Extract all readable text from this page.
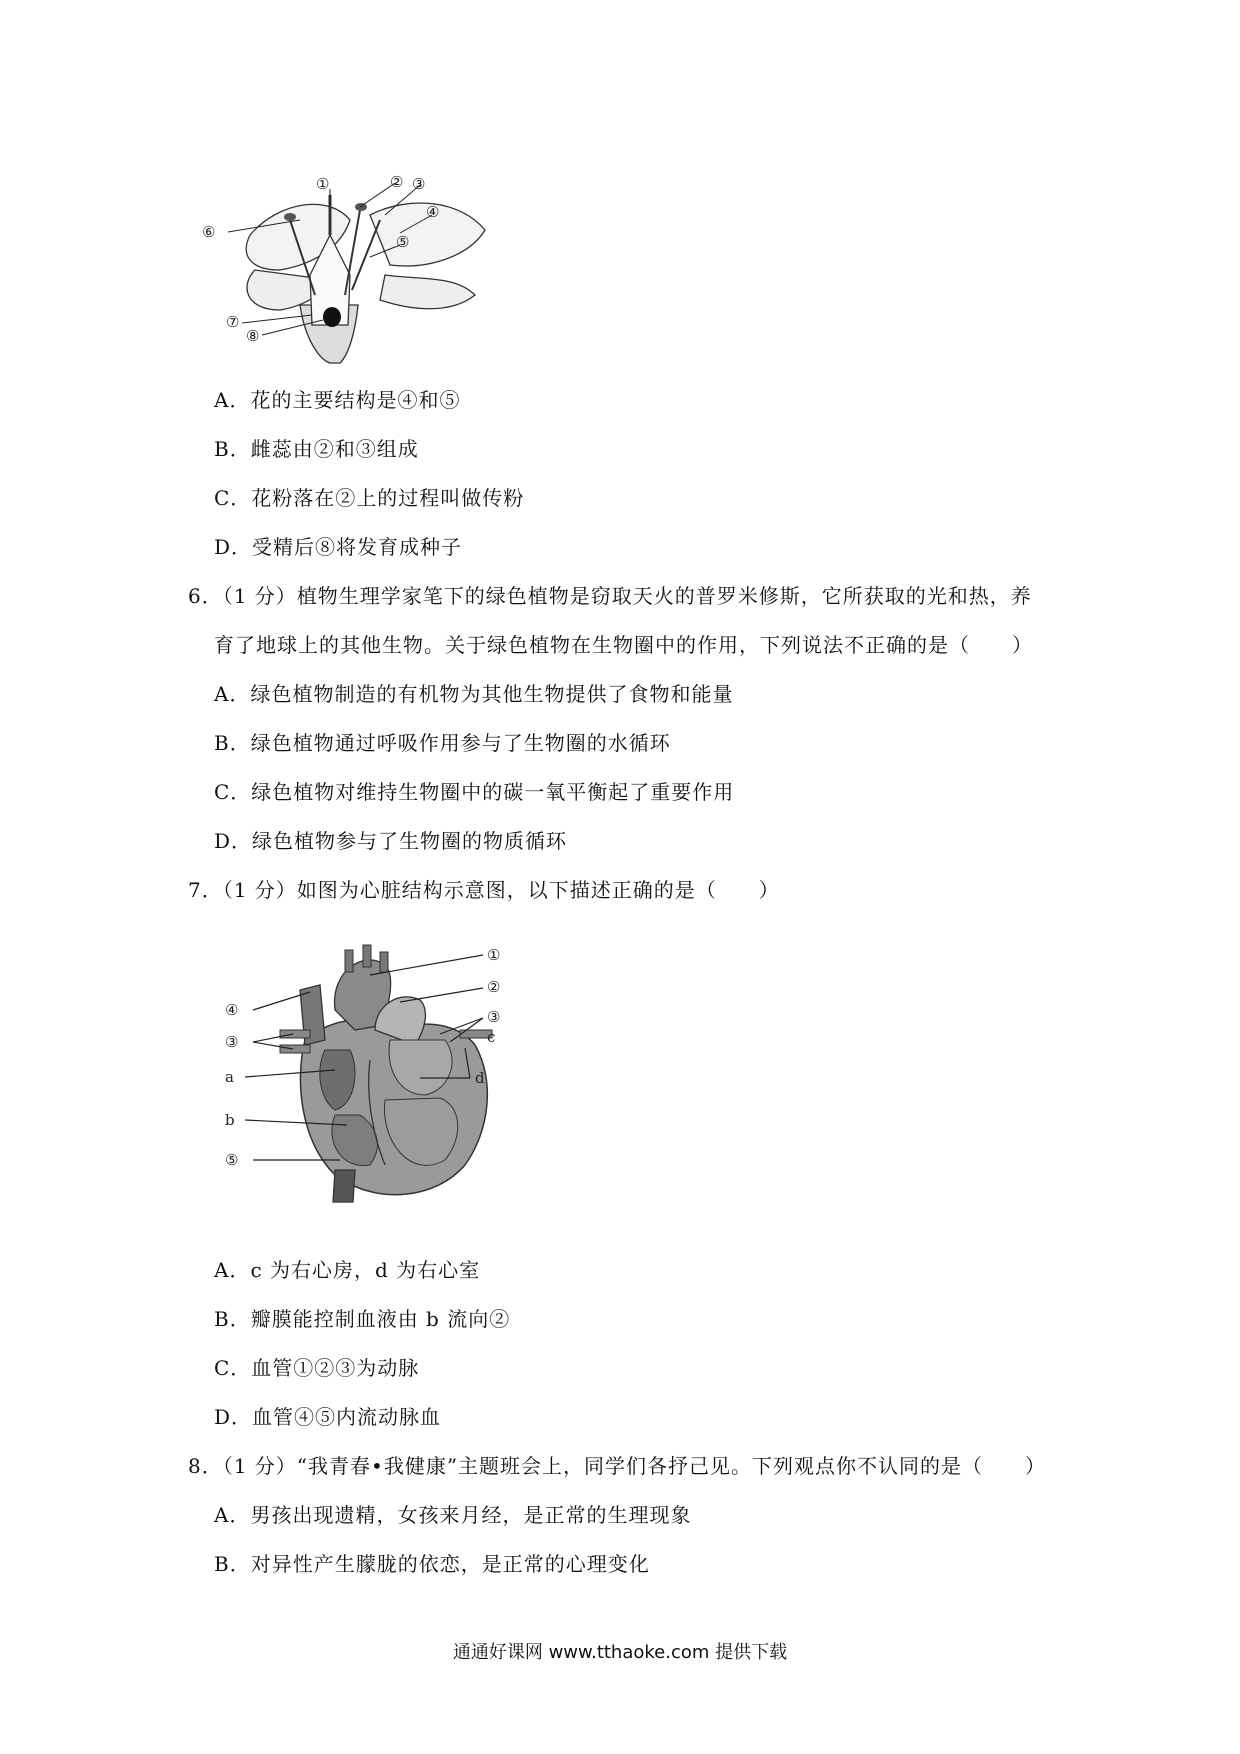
①	② ③
④
⑤
⑥
⑦
⑧
A．花的主要结构是④和⑤
B．雌蕊由②和③组成
C．花粉落在②上的过程叫做传粉
D．受精后⑧将发育成种子
6．（1 分）植物生理学家笔下的绿色植物是窃取天火的普罗米修斯，它所获取的光和热，养
育了地球上的其他生物。关于绿色植物在生物圈中的作用，下列说法不正确的是（　　）
A．绿色植物制造的有机物为其他生物提供了食物和能量
B．绿色植物通过呼吸作用参与了生物圈的水循环
C．绿色植物对维持生物圈中的碳一氧平衡起了重要作用
D．绿色植物参与了生物圈的物质循环
7．（1 分）如图为心脏结构示意图，以下描述正确的是（　　）
①
②
③
④
③
a
b
⑤
c
d
A．c 为右心房，d 为右心室
B．瓣膜能控制血液由 b 流向②
C．血管①②③为动脉
D．血管④⑤内流动脉血
8．（1 分）“我青春•我健康”主题班会上，同学们各抒己见。下列观点你不认同的是（　　）
A．男孩出现遗精，女孩来月经，是正常的生理现象
B．对异性产生朦胧的依恋，是正常的心理变化
通通好课网 www.tthaoke.com 提供下载
